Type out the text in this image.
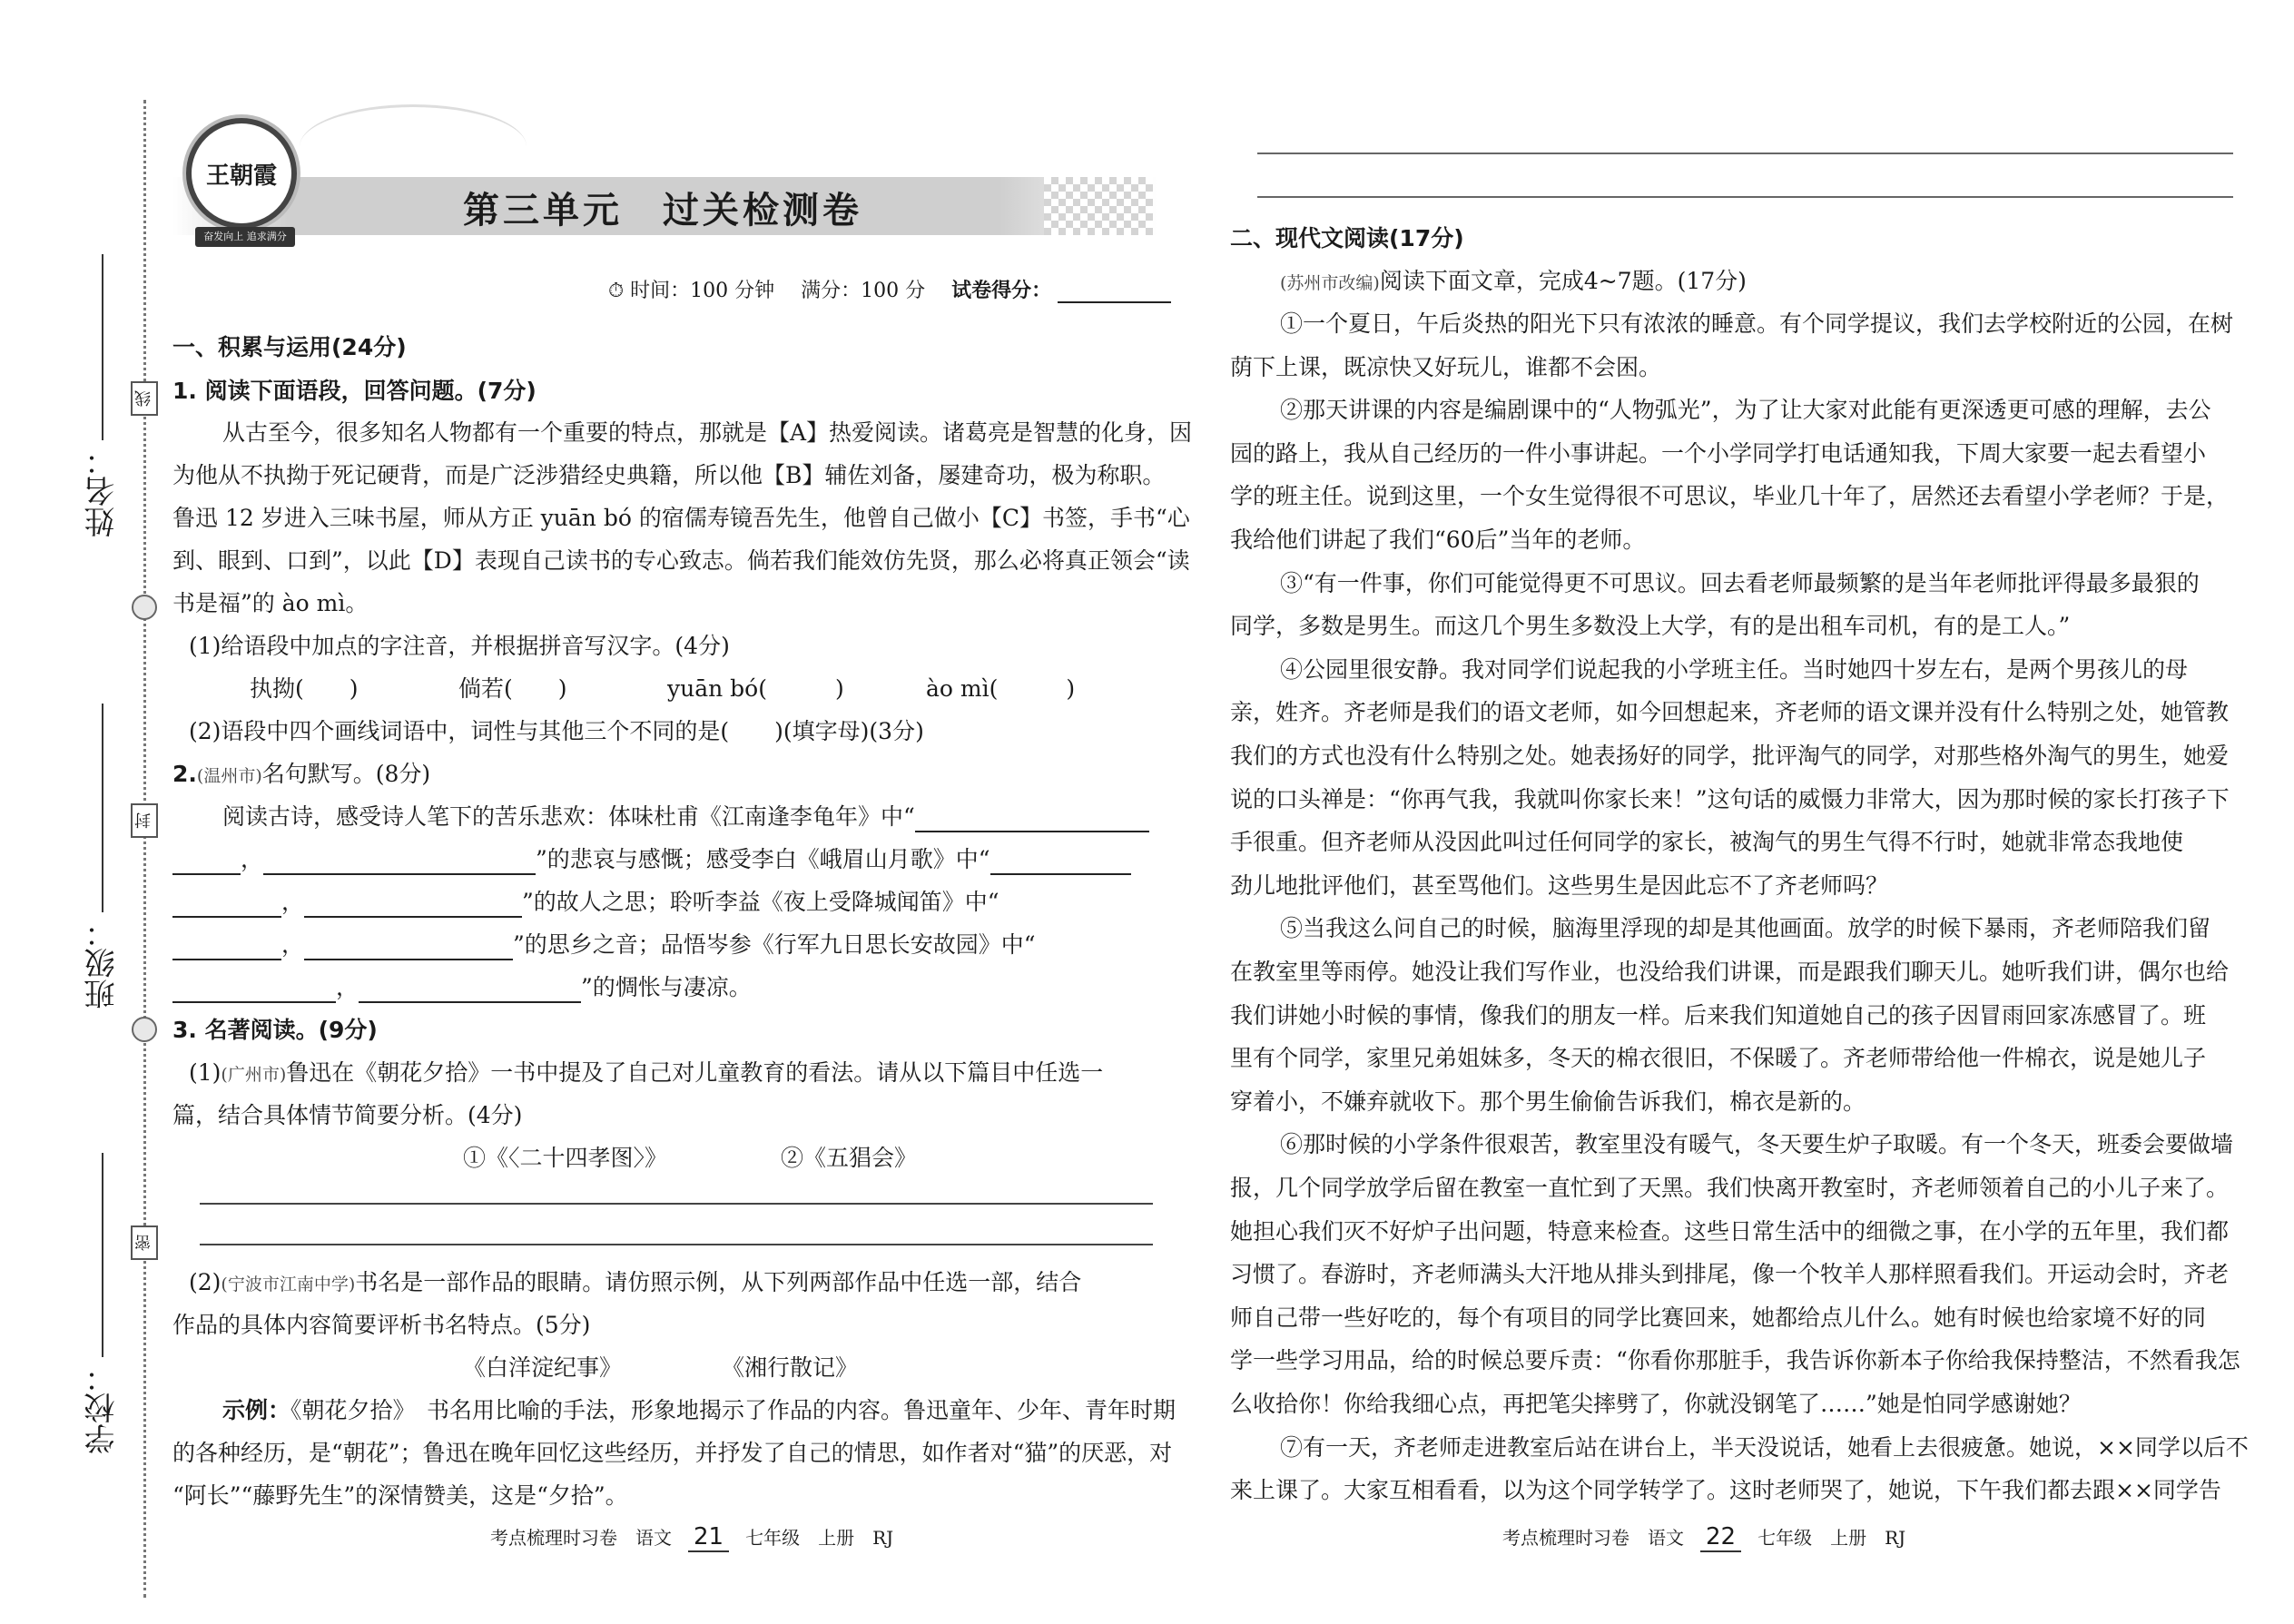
姓名：
班级：
学校：
线
封
密
王朝霞
奋发向上 追求满分
第三单元　过关检测卷
⏱ 时间：100 分钟 满分：100 分 试卷得分：
一、积累与运用(24分)
1. 阅读下面语段，回答问题。(7分)
从古至今，很多知名人物都有一个重要的特点，那就是【A】热爱阅读。诸葛亮是智慧的化身，因
为他从不执拗于死记硬背，而是广泛涉猎经史典籍，所以他【B】辅佐刘备，屡建奇功，极为称职。
鲁迅 12 岁进入三味书屋，师从方正 yuān bó 的宿儒寿镜吾先生，他曾自己做小【C】书签，手书“心
到、眼到、口到”，以此【D】表现自己读书的专心致志。倘若我们能效仿先贤，那么必将真正领会“读
书是福”的 ào mì。
(1)给语段中加点的字注音，并根据拼音写汉字。(4分)
执拗(　　)	倘若(　　)	yuān bó(　　　)	ào mì(　　　)
(2)语段中四个画线词语中，词性与其他三个不同的是(　　)(填字母)(3分)
2.(温州市)名句默写。(8分)
阅读古诗，感受诗人笔下的苦乐悲欢：体味杜甫《江南逢李龟年》中“
，	”的悲哀与感慨；感受李白《峨眉山月歌》中“
，	”的故人之思；聆听李益《夜上受降城闻笛》中“
，	”的思乡之音；品悟岑参《行军九日思长安故园》中“
，	”的惆怅与凄凉。
3. 名著阅读。(9分)
(1)(广州市)鲁迅在《朝花夕拾》一书中提及了自己对儿童教育的看法。请从以下篇目中任选一
篇，结合具体情节简要分析。(4分)
①《〈二十四孝图〉》	②《五猖会》
(2)(宁波市江南中学)书名是一部作品的眼睛。请仿照示例，从下列两部作品中任选一部，结合
作品的具体内容简要评析书名特点。(5分)
《白洋淀纪事》	《湘行散记》
示例：《朝花夕拾》　书名用比喻的手法，形象地揭示了作品的内容。鲁迅童年、少年、青年时期
的各种经历，是“朝花”；鲁迅在晚年回忆这些经历，并抒发了自己的情思，如作者对“猫”的厌恶，对
“阿长”“藤野先生”的深情赞美，这是“夕拾”。
考点梳理时习卷　语文 21 七年级　上册　RJ
二、现代文阅读(17分)
(苏州市改编)阅读下面文章，完成4~7题。(17分)
①一个夏日，午后炎热的阳光下只有浓浓的睡意。有个同学提议，我们去学校附近的公园，在树
荫下上课，既凉快又好玩儿，谁都不会困。
②那天讲课的内容是编剧课中的“人物弧光”，为了让大家对此能有更深透更可感的理解，去公
园的路上，我从自己经历的一件小事讲起。一个小学同学打电话通知我，下周大家要一起去看望小
学的班主任。说到这里，一个女生觉得很不可思议，毕业几十年了，居然还去看望小学老师？于是，
我给他们讲起了我们“60后”当年的老师。
③“有一件事，你们可能觉得更不可思议。回去看老师最频繁的是当年老师批评得最多最狠的
同学，多数是男生。而这几个男生多数没上大学，有的是出租车司机，有的是工人。”
④公园里很安静。我对同学们说起我的小学班主任。当时她四十岁左右，是两个男孩儿的母
亲，姓齐。齐老师是我们的语文老师，如今回想起来，齐老师的语文课并没有什么特别之处，她管教
我们的方式也没有什么特别之处。她表扬好的同学，批评淘气的同学，对那些格外淘气的男生，她爱
说的口头禅是：“你再气我，我就叫你家长来！”这句话的威慑力非常大，因为那时候的家长打孩子下
手很重。但齐老师从没因此叫过任何同学的家长，被淘气的男生气得不行时，她就非常态我地使
劲儿地批评他们，甚至骂他们。这些男生是因此忘不了齐老师吗？
⑤当我这么问自己的时候，脑海里浮现的却是其他画面。放学的时候下暴雨，齐老师陪我们留
在教室里等雨停。她没让我们写作业，也没给我们讲课，而是跟我们聊天儿。她听我们讲，偶尔也给
我们讲她小时候的事情，像我们的朋友一样。后来我们知道她自己的孩子因冒雨回家冻感冒了。班
里有个同学，家里兄弟姐妹多，冬天的棉衣很旧，不保暖了。齐老师带给他一件棉衣，说是她儿子
穿着小，不嫌弃就收下。那个男生偷偷告诉我们，棉衣是新的。
⑥那时候的小学条件很艰苦，教室里没有暖气，冬天要生炉子取暖。有一个冬天，班委会要做墙
报，几个同学放学后留在教室一直忙到了天黑。我们快离开教室时，齐老师领着自己的小儿子来了。
她担心我们灭不好炉子出问题，特意来检查。这些日常生活中的细微之事，在小学的五年里，我们都
习惯了。春游时，齐老师满头大汗地从排头到排尾，像一个牧羊人那样照看我们。开运动会时，齐老
师自己带一些好吃的，每个有项目的同学比赛回来，她都给点儿什么。她有时候也给家境不好的同
学一些学习用品，给的时候总要斥责：“你看你那脏手，我告诉你新本子你给我保持整洁，不然看我怎
么收拾你！你给我细心点，再把笔尖摔劈了，你就没钢笔了……”她是怕同学感谢她？
⑦有一天，齐老师走进教室后站在讲台上，半天没说话，她看上去很疲惫。她说，××同学以后不
来上课了。大家互相看看，以为这个同学转学了。这时老师哭了，她说，下午我们都去跟××同学告
考点梳理时习卷　语文 22 七年级　上册　RJ
